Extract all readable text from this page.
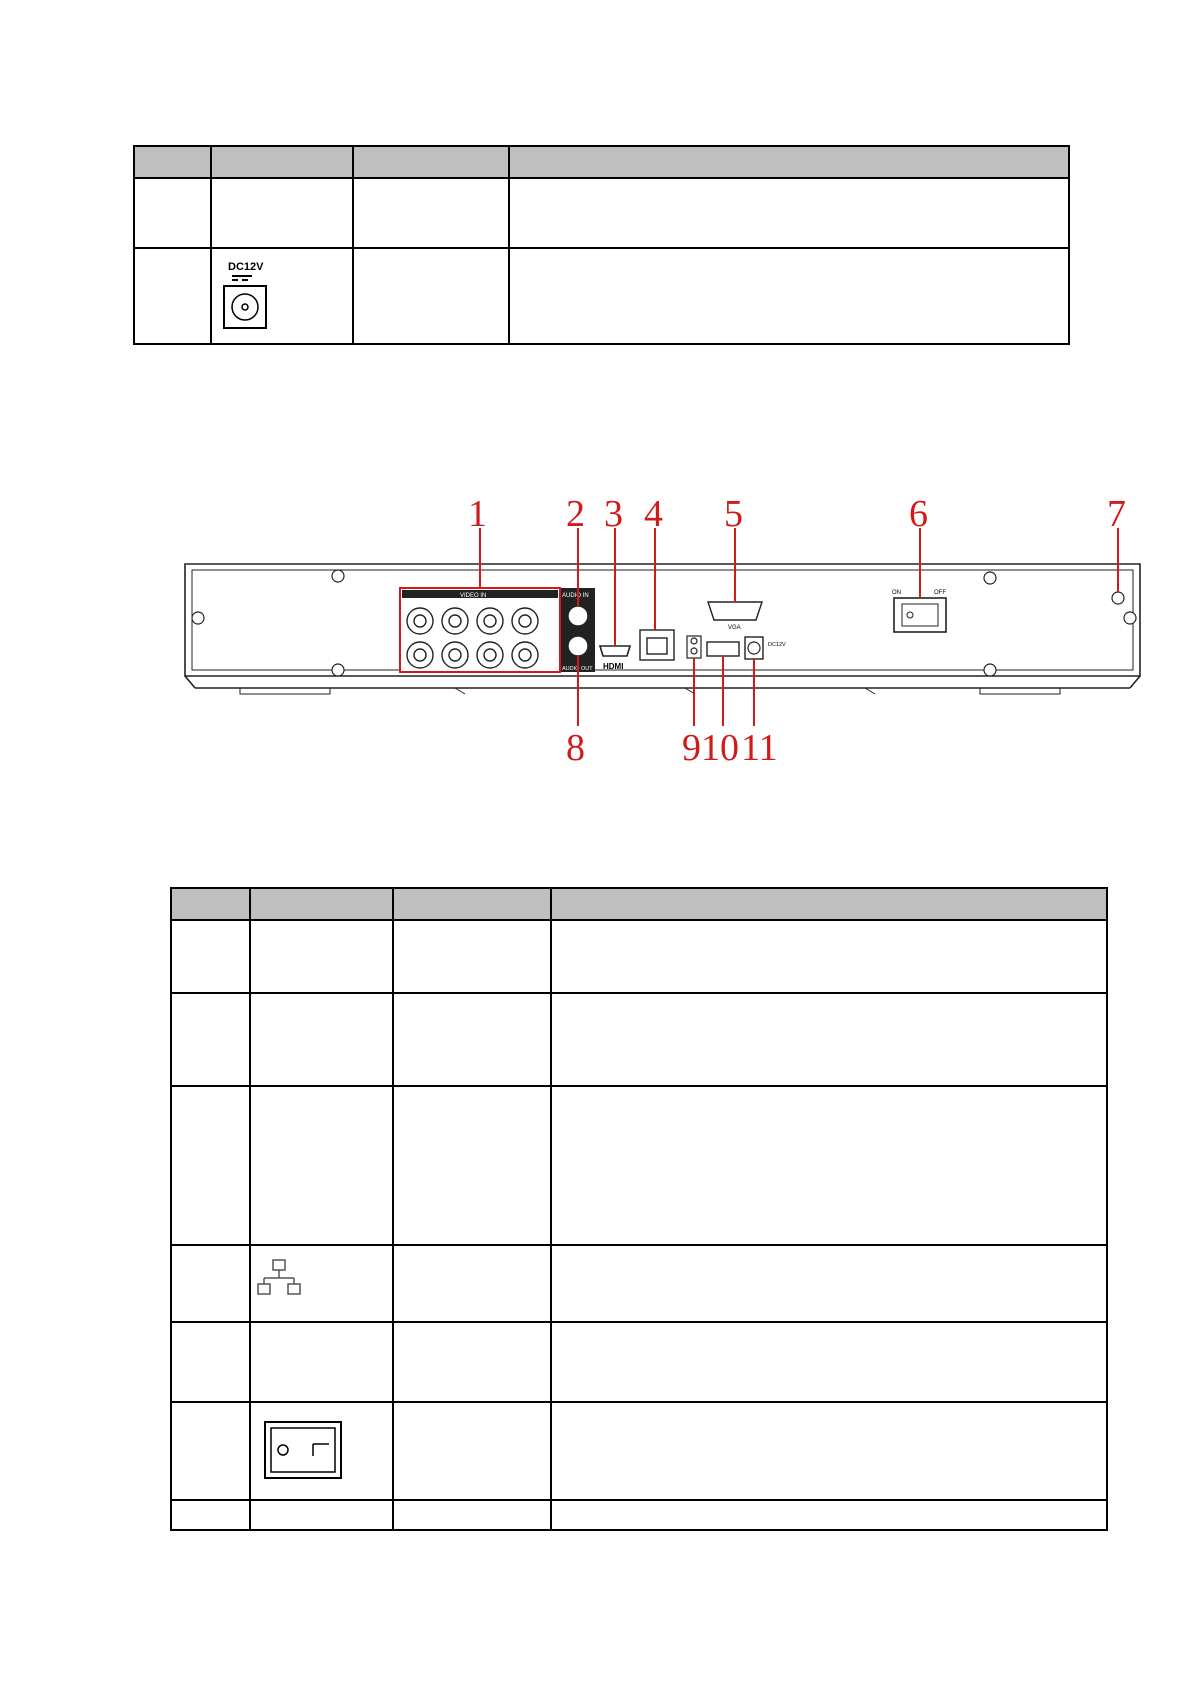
DC12V		

VIDEO IN	AUDIO IN
AUDIO OUT HDMI
VGA
DC12V
ON	OFF
1 2 3 4 5	6	7
8	9 10 11
